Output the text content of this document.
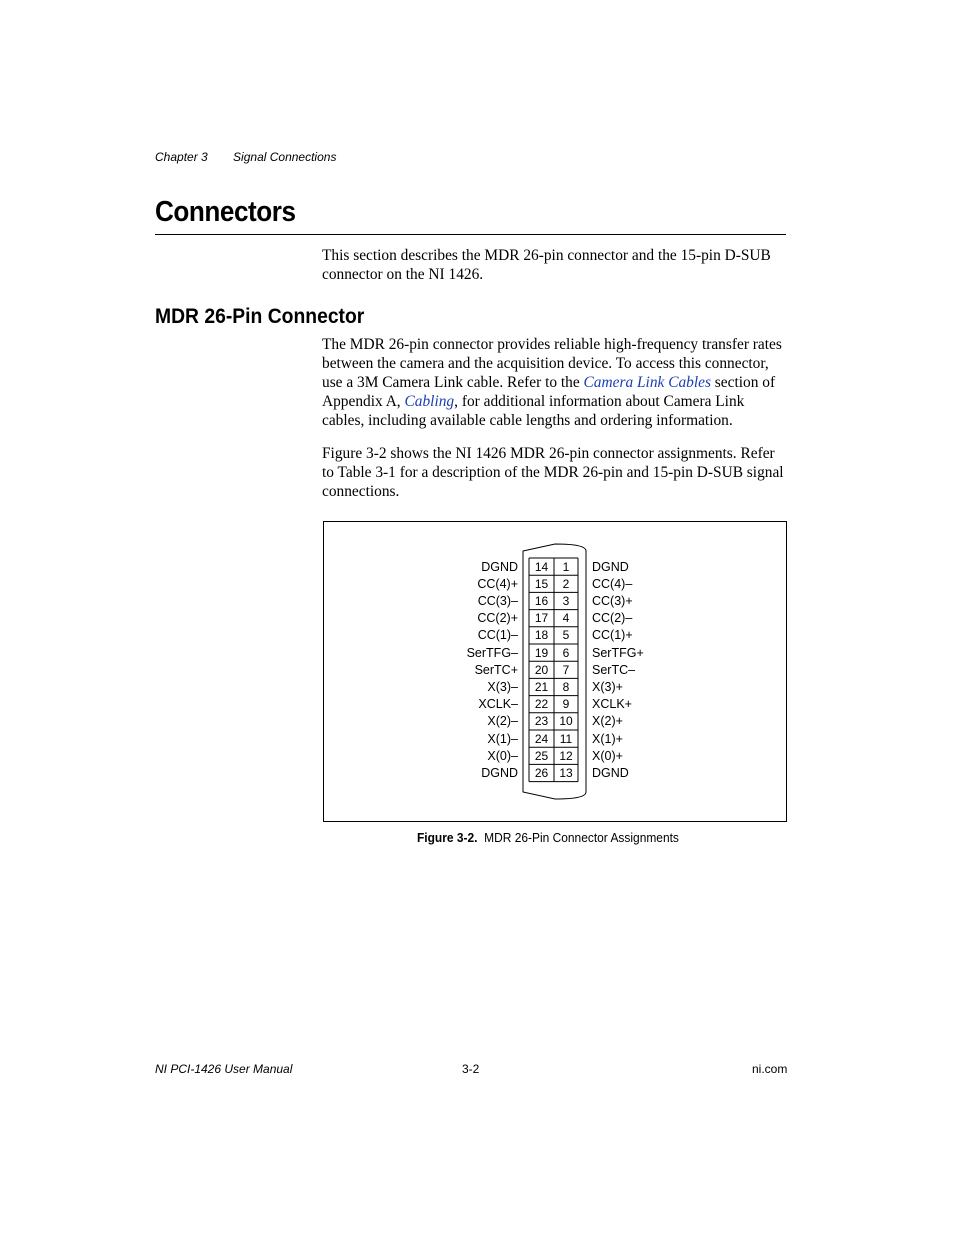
Chapter 3 Signal Connections
Connectors
This section describes the MDR 26-pin connector and the 15-pin D-SUB connector on the NI 1426.
MDR 26-Pin Connector
The MDR 26-pin connector provides reliable high-frequency transfer rates between the camera and the acquisition device. To access this connector, use a 3M Camera Link cable. Refer to the Camera Link Cables section of Appendix A, Cabling, for additional information about Camera Link cables, including available cable lengths and ordering information.
Figure 3-2 shows the NI 1426 MDR 26-pin connector assignments. Refer to Table 3-1 for a description of the MDR 26-pin and 15-pin D-SUB signal connections.
DGND	14	1	DGND
CC(4)+	15	2	CC(4)–
CC(3)–	16	3	CC(3)+
CC(2)+	17	4	CC(2)–
CC(1)–	18	5	CC(1)+
SerTFG–	19	6	SerTFG+
SerTC+	20	7	SerTC–
X(3)–	21	8	X(3)+
XCLK–	22	9	XCLK+
X(2)–	23 10	X(2)+
X(1)–	24 11	X(1)+
X(0)–	25 12	X(0)+
DGND	26 13	DGND
Figure 3-2. MDR 26-Pin Connector Assignments
NI PCI-1426 User Manual	3-2	ni.com
